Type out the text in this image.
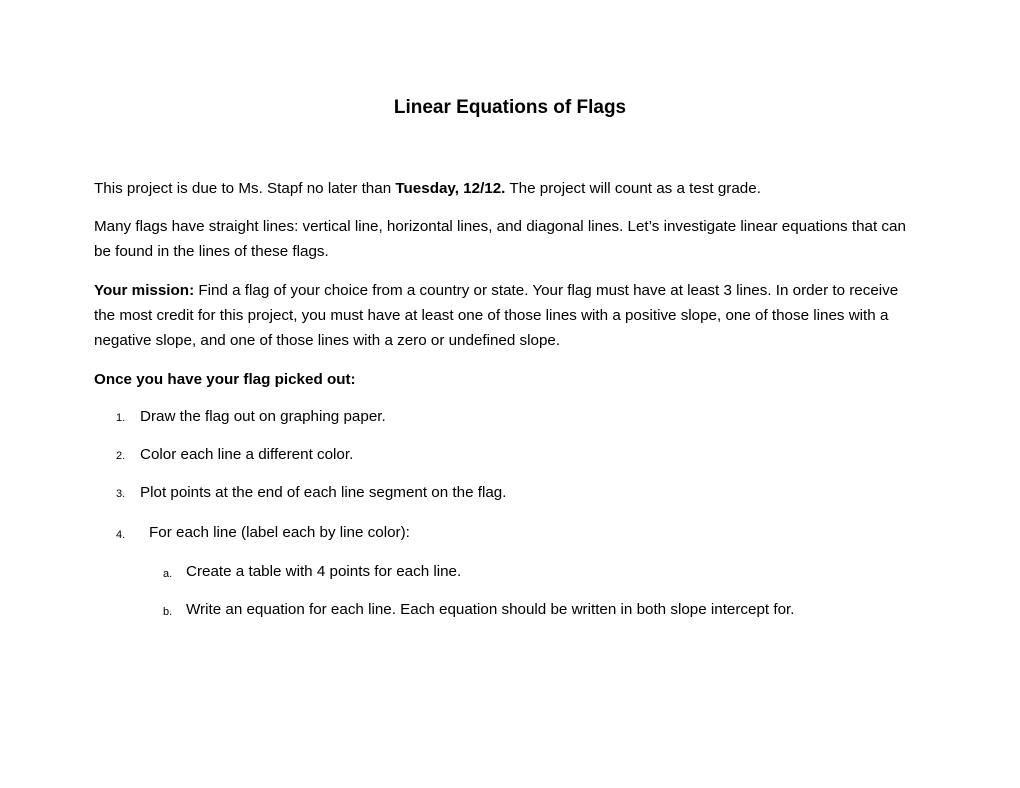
Linear Equations of Flags

This project is due to Ms. Stapf no later than Tuesday, 12/12. The project will count as a test grade.

Many flags have straight lines: vertical line, horizontal lines, and diagonal lines. Let’s investigate linear equations that can be found in the lines of these flags.

Your mission: Find a flag of your choice from a country or state. Your flag must have at least 3 lines. In order to receive the most credit for this project, you must have at least one of those lines with a positive slope, one of those lines with a negative slope, and one of those lines with a zero or undefined slope.

Once you have your flag picked out:

1. Draw the flag out on graphing paper.
2. Color each line a different color.
3. Plot points at the end of each line segment on the flag.
4. For each line (label each by line color):
a. Create a table with 4 points for each line.
b. Write an equation for each line. Each equation should be written in both slope intercept for.
